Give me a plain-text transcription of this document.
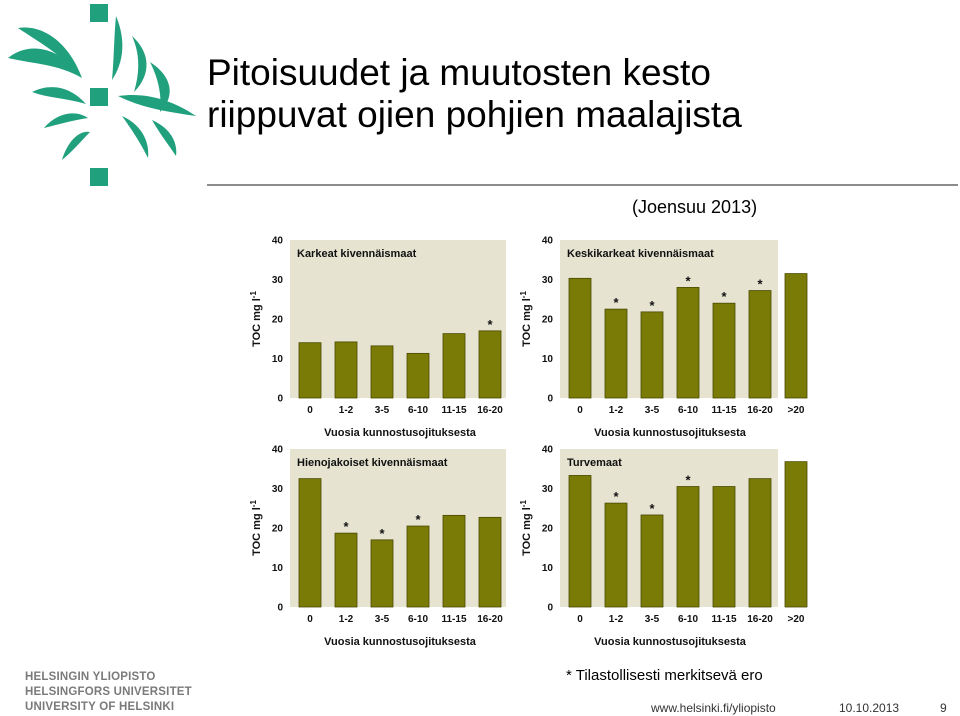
Pitoisuudet ja muutosten kesto
riippuvat ojien pohjien maalajista
(Joensuu 2013)
0
10
20
30
40
TOC mg $l^{-1}$
Karkeat kivennäismaat
0	1-2 3-5 6-10 11-15
*
16-20
Vuosia kunnostusojituksesta
0
10
20
30
40
TOC mg $l^{-1}$
Keskikarkeat kivennäismaat
0
*
1-2
*
3-5
*
6-10
*
11-15
*
16-20 >20
Vuosia kunnostusojituksesta
0
10
20
30
40
TOC mg $l^{-1}$
Hienojakoiset kivennäismaat
0
*
1-2
*
3-5
*
6-10 11-15 16-20
Vuosia kunnostusojituksesta
0
10
20
30
40
TOC mg $l^{-1}$
Turvemaat
0
*
1-2
*
3-5
*
6-10 11-15 16-20 >20
Vuosia kunnostusojituksesta
* Tilastollisesti merkitsevä ero
HELSINGIN YLIOPISTO
HELSINGFORS UNIVERSITET
UNIVERSITY OF HELSINKI	www.helsinki.fi/yliopisto	10.10.2013	9
